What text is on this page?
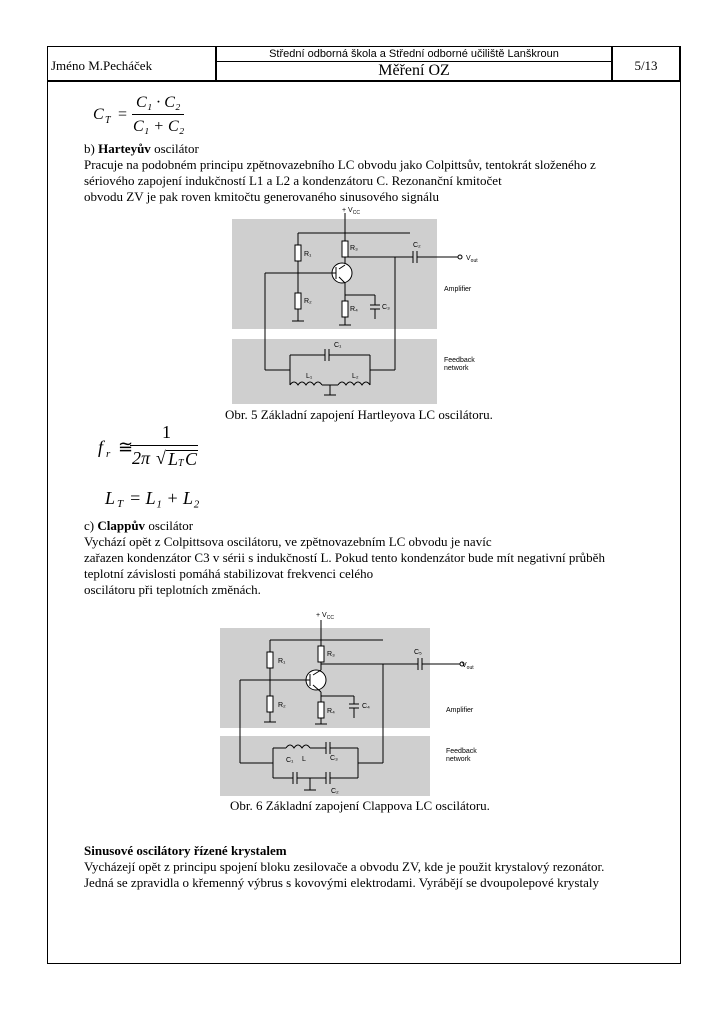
Jméno M.Pecháček
Střední odborná škola a Střední odborné učiliště Lanškroun
Měření OZ	5/13
C T =
C₁ · C₂
C₁ + C₂
b) Harteyův oscilátor
Pracuje na podobném principu zpětnovazebního LC obvodu jako Colpittsův, tentokrát složeného z
sériového zapojení indukčností L1 a L2 a kondenzátoru C. Rezonanční kmitočet
obvodu ZV je pak roven kmitočtu generovaného sinusového signálu
+ $V_{CC}$
$V_{out}$
R₁
R₂
R₃
R₄
C₂
C₃
C₁
L₁	L₂
Amplifier
Feedback
network
Obr. 5 Základní zapojení Hartleyova LC oscilátoru.
f r ≅
1
2π √ L T C
L T = L₁ + L₂
c) Clappův oscilátor
Vychází opět z Colpittsova oscilátoru, ve zpětnovazebním LC obvodu je navíc
zařazen kondenzátor C3 v sérii s indukčností L. Pokud tento kondenzátor bude mít negativní průběh
teplotní závislosti pomáhá stabilizovat frekvenci celého
oscilátoru při teplotních změnách.
+ $V_{CC}$
$V_{out}$
R₁
R₂
R₃
R₄
C₅
C₄
C₁ L	C₃
C₂
Amplifier
Feedback
network
Obr. 6 Základní zapojení Clappova LC oscilátoru.
Sinusové oscilátory řízené krystalem
Vycházejí opět z principu spojení bloku zesilovače a obvodu ZV, kde je použit krystalový rezonátor.
Jedná se zpravidla o křemenný výbrus s kovovými elektrodami. Vyrábějí se dvoupolepové krystaly
